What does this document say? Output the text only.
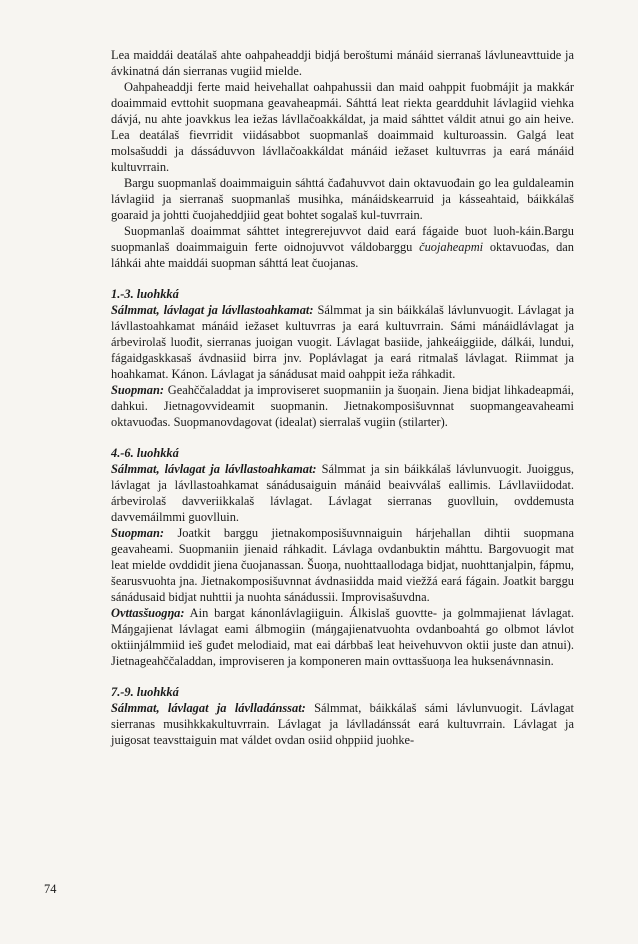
Lea maiddái deatálaš ahte oahpaheaddji bidjá beroštumi mánáid sierranaš lávluneavttuide ja ávkinatná dán sierranas vugiid mielde.

Oahpaheaddji ferte maid heivehallat oahpahussii dan maid oahppit fuobmájit ja makkár doaimmaid evttohit suopmana geavaheapmái. Sáhttá leat riekta geardduhit lávlagiid viehka dávjá, nu ahte joavkkus lea iežas lávllačoakkáldat, ja maid sáhttet váldit atnui go ain heive. Lea deatálaš fievrridit viidásabbot suopmanlaš doaimmaid kulturoassin. Galgá leat molsašuddi ja dássáduvvon lávllačoakkáldat mánáid iežaset kultuvrras ja eará mánáid kultuvrrain.

Bargu suopmanlaš doaimmaiguin sáhttá čađahuvvot dain oktavuođain go lea guldaleamin lávlagiid ja sierranaš suopmanlaš musihka, mánáidskearruid ja kásseahtaid, báikkálaš goaraid ja johtti čuojaheddjiid geat bohtet sogalaš kul-tuvrrain.

Suopmanlaš doaimmat sáhttet integrerejuvvot daid eará fágaide buot luoh-káin.Bargu suopmanlaš doaimmaiguin ferte oidnojuvvot váldobarggu čuojaheapmi oktavuođas, dan láhkái ahte maiddái suopman sáhttá leat čuojanas.

1.-3. luohkká

Sálmmat, lávlagat ja lávllastoahkamat: Sálmmat ja sin báikkálaš lávlunvuogit. Lávlagat ja lávllastoahkamat mánáid iežaset kultuvrras ja eará kultuvrrain. Sámi mánáidlávlagat ja árbevirolaš luođit, sierranas juoigan vuogit. Lávlagat basiide, jahkeáiggiide, dálkái, lundui, fágaidgaskkasaš ávdnasiid birra jnv. Poplávlagat ja eará ritmalaš lávlagat. Riimmat ja hoahkamat. Kánon. Lávlagat ja sánádusat maid oahppit ieža ráhkadit.

Suopman: Geahččaladdat ja improviseret suopmaniin ja šuoŋain. Jiena bidjat lihkadeapmái, dahkui. Jietnagovvideamit suopmanin. Jietnakomposišuvnnat suopmangeavaheami oktavuođas. Suopmanovdagovat (idealat) sierralaš vugiin (stilarter).

4.-6. luohkká

Sálmmat, lávlagat ja lávllastoahkamat: Sálmmat ja sin báikkálaš lávlunvuogit. Juoiggus, lávlagat ja lávllastoahkamat sánádusaiguin mánáid beaivválaš eallimis. Lávllaviidodat. árbevirolaš davveriikkalaš lávlagat. Lávlagat sierranas guovlluin, ovddemusta davvemáilmmi guovlluin.

Suopman: Joatkit barggu jietnakomposišuvnnaiguin hárjehallan dihtii suopmana geavaheami. Suopmaniin jienaid ráhkadit. Lávlaga ovdanbuktin máhttu. Bargovuogit mat leat mielde ovddidit jiena čuojanassan. Šuoŋa, nuohttaallodaga bidjat, nuohttanjalpin, fápmu, šearusvuohta jna. Jietnakomposišuvnnat ávdnasiidda maid viežžá eará fágain. Joatkit barggu sánádusaid bidjat nuhttii ja nuohta sánádussii. Improvisašuvdna.

Ovttasšuogŋa: Ain bargat kánonlávlagiiguin. Álkislaš guovtte- ja golmmajienat lávlagat. Máŋgajienat lávlagat eami álbmogiin (máŋgajienatvuohta ovdanboahtá go olbmot lávlot oktiinjálmmiid ieš guđet melodiaid, mat eai dárbbaš leat heivehuvvon oktii juste dan atnui). Jietnageahččaladdan, improviseren ja komponeren main ovttasšuoŋa lea huksenávnnasin.

7.-9. luohkká

Sálmmat, lávlagat ja lávlladánssat: Sálmmat, báikkálaš sámi lávlunvuogit. Lávlagat sierranas musihkkakultuvrrain. Lávlagat ja lávlladánssát eará kultuvrrain. Lávlagat ja juigosat teavsttaiguin mat váldet ovdan osiid ohppiid juohke-

74
